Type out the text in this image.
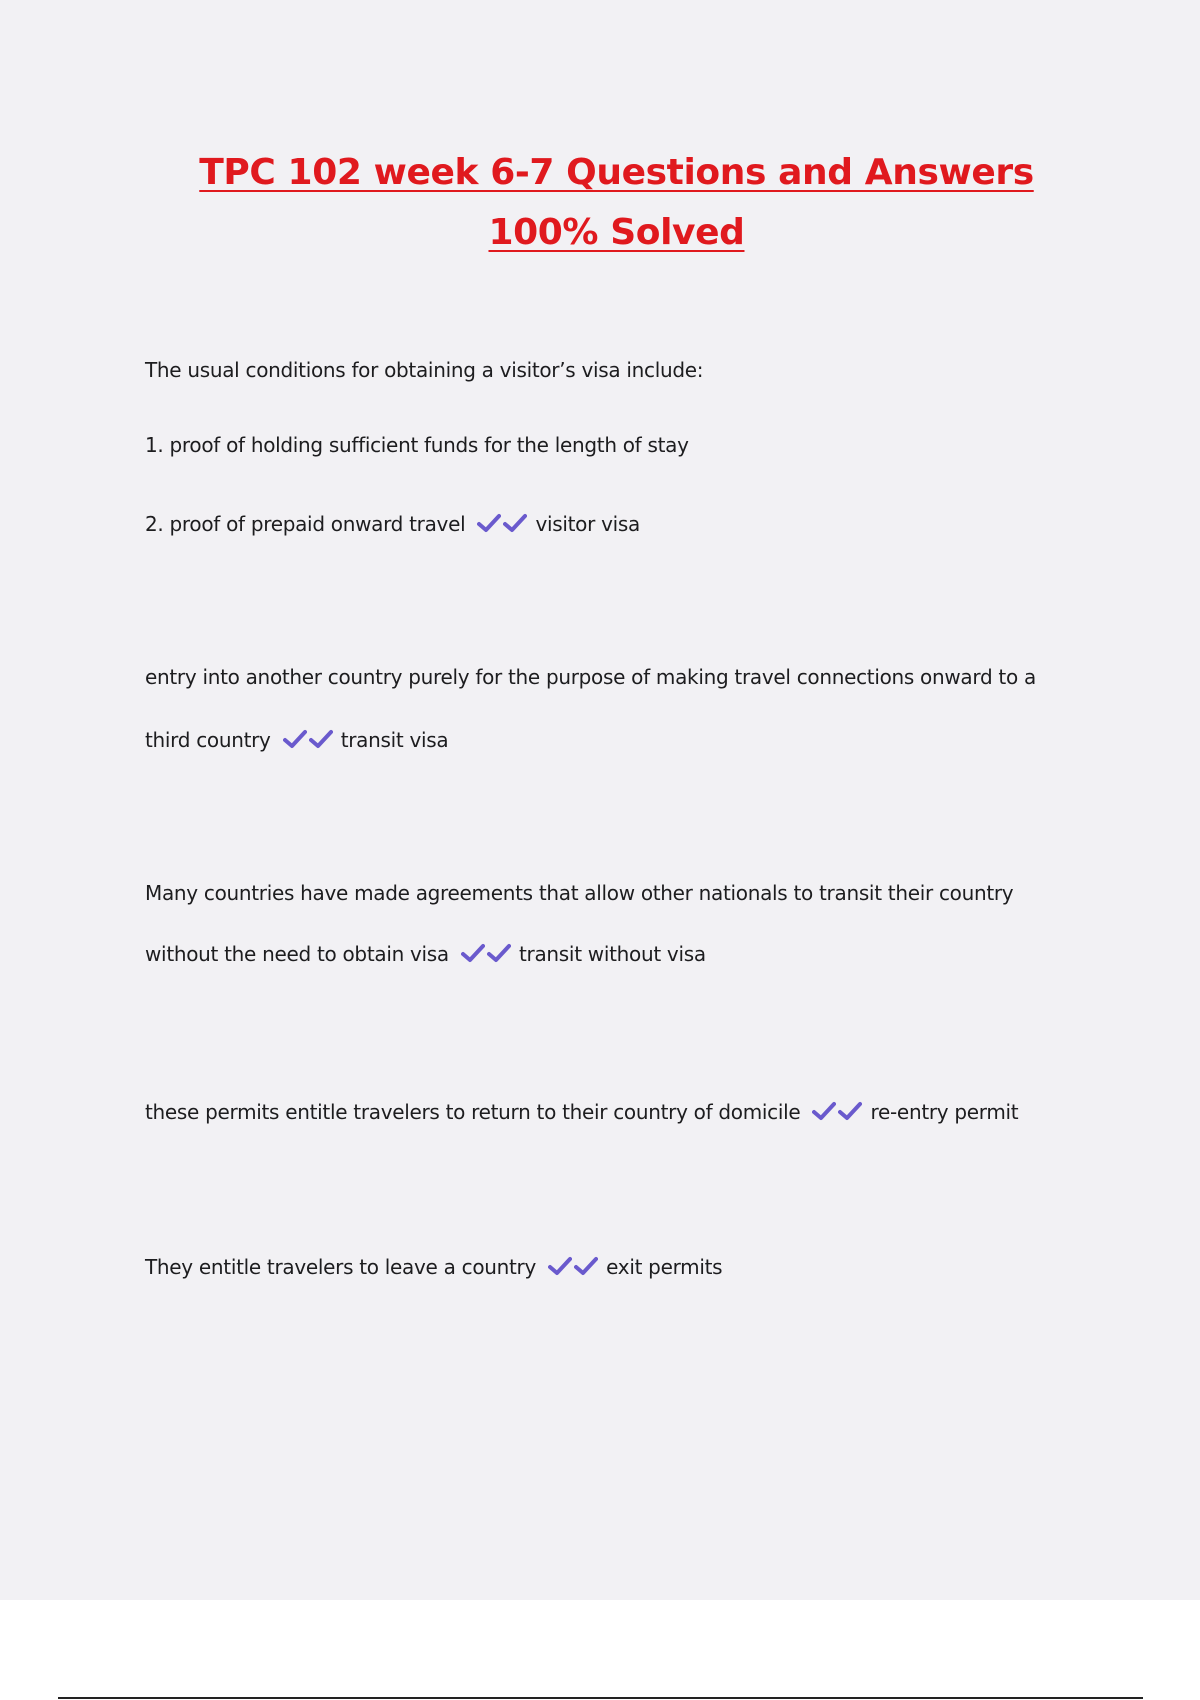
TPC 102 week 6-7 Questions and Answers
100% Solved
The usual conditions for obtaining a visitor’s visa include:
1. proof of holding sufficient funds for the length of stay
2. proof of prepaid onward travel	visitor visa
entry into another country purely for the purpose of making travel connections onward to a
third country	transit visa
Many countries have made agreements that allow other nationals to transit their country
without the need to obtain visa	transit without visa
these permits entitle travelers to return to their country of domicile	re-entry permit
They entitle travelers to leave a country	exit permits
